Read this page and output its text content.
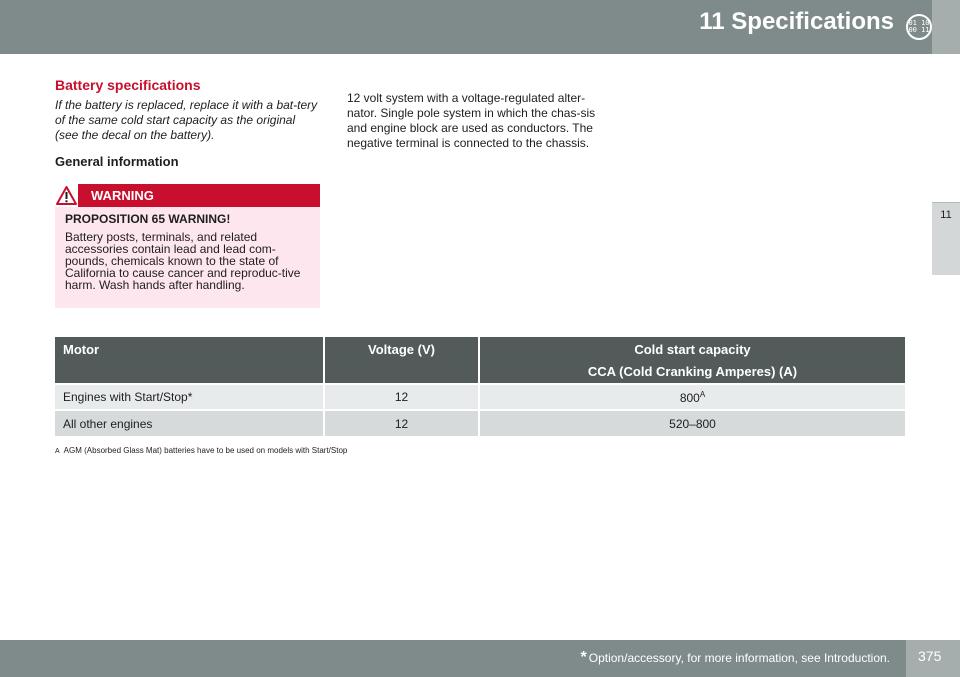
11 Specifications 01 10
00 11
11
Battery specifications
If the battery is replaced, replace it with a bat-tery of the same cold start capacity as the original (see the decal on the battery).
General information
WARNING
PROPOSITION 65 WARNING!
Battery posts, terminals, and related accessories contain lead and lead com-pounds, chemicals known to the state of California to cause cancer and reproduc-tive harm. Wash hands after handling.
12 volt system with a voltage-regulated alter-nator. Single pole system in which the chas-sis and engine block are used as conductors. The negative terminal is connected to the chassis.
Motor	Voltage (V)	Cold start capacity
CCA (Cold Cranking Amperes) (A)

Engines with Start/Stop*	12	$800^A$
All other engines	12	520–800
A AGM (Absorbed Glass Mat) batteries have to be used on models with Start/Stop
* Option/accessory, for more information, see Introduction. 375
